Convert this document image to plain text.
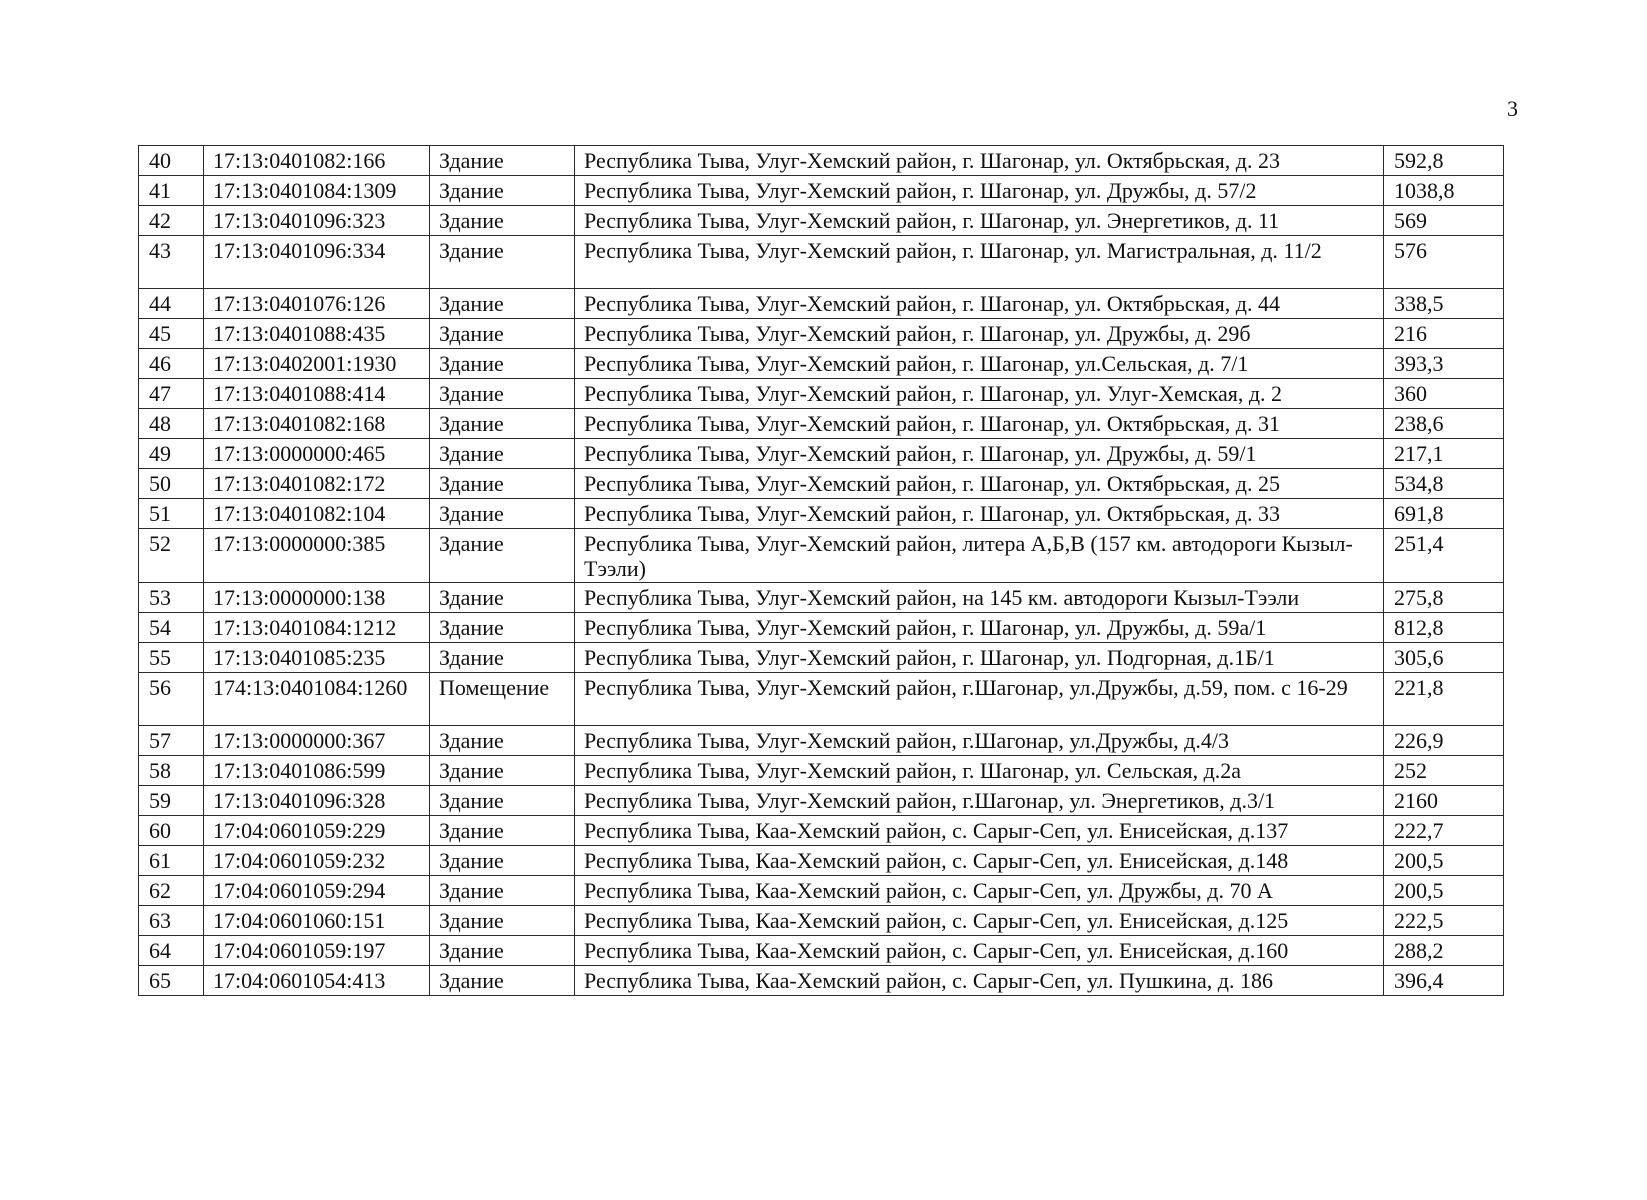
3
40	17:13:0401082:166	Здание	Республика Тыва, Улуг-Хемский район, г. Шагонар, ул. Октябрьская, д. 23	592,8
41	17:13:0401084:1309	Здание	Республика Тыва, Улуг-Хемский район, г. Шагонар, ул. Дружбы, д. 57/2	1038,8
42	17:13:0401096:323	Здание	Республика Тыва, Улуг-Хемский район, г. Шагонар, ул. Энергетиков, д. 11	569
43	17:13:0401096:334	Здание	Республика Тыва, Улуг-Хемский район, г. Шагонар, ул. Магистральная, д. 11/2	576
44	17:13:0401076:126	Здание	Республика Тыва, Улуг-Хемский район, г. Шагонар, ул. Октябрьская, д. 44	338,5
45	17:13:0401088:435	Здание	Республика Тыва, Улуг-Хемский район, г. Шагонар, ул. Дружбы, д. 29б	216
46	17:13:0402001:1930	Здание	Республика Тыва, Улуг-Хемский район, г. Шагонар, ул.Сельская, д. 7/1	393,3
47	17:13:0401088:414	Здание	Республика Тыва, Улуг-Хемский район, г. Шагонар, ул. Улуг-Хемская, д. 2	360
48	17:13:0401082:168	Здание	Республика Тыва, Улуг-Хемский район, г. Шагонар, ул. Октябрьская, д. 31	238,6
49	17:13:0000000:465	Здание	Республика Тыва, Улуг-Хемский район, г. Шагонар, ул. Дружбы, д. 59/1	217,1
50	17:13:0401082:172	Здание	Республика Тыва, Улуг-Хемский район, г. Шагонар, ул. Октябрьская, д. 25	534,8
51	17:13:0401082:104	Здание	Республика Тыва, Улуг-Хемский район, г. Шагонар, ул. Октябрьская, д. 33	691,8
52	17:13:0000000:385	Здание	Республика Тыва, Улуг-Хемский район, литера А,Б,В (157 км. автодороги Кызыл-Тээли)	251,4
53	17:13:0000000:138	Здание	Республика Тыва, Улуг-Хемский район, на 145 км. автодороги Кызыл-Тээли	275,8
54	17:13:0401084:1212	Здание	Республика Тыва, Улуг-Хемский район, г. Шагонар, ул. Дружбы, д. 59а/1	812,8
55	17:13:0401085:235	Здание	Республика Тыва, Улуг-Хемский район, г. Шагонар, ул. Подгорная, д.1Б/1	305,6
56	174:13:0401084:1260	Помещение	Республика Тыва, Улуг-Хемский район, г.Шагонар, ул.Дружбы, д.59, пом. с 16-29	221,8
57	17:13:0000000:367	Здание	Республика Тыва, Улуг-Хемский район, г.Шагонар, ул.Дружбы, д.4/3	226,9
58	17:13:0401086:599	Здание	Республика Тыва, Улуг-Хемский район, г. Шагонар, ул. Сельская, д.2а	252
59	17:13:0401096:328	Здание	Республика Тыва, Улуг-Хемский район, г.Шагонар, ул. Энергетиков, д.3/1	2160
60	17:04:0601059:229	Здание	Республика Тыва, Каа-Хемский район, с. Сарыг-Сеп, ул. Енисейская, д.137	222,7
61	17:04:0601059:232	Здание	Республика Тыва, Каа-Хемский район, с. Сарыг-Сеп, ул. Енисейская, д.148	200,5
62	17:04:0601059:294	Здание	Республика Тыва, Каа-Хемский район, с. Сарыг-Сеп, ул. Дружбы, д. 70 А	200,5
63	17:04:0601060:151	Здание	Республика Тыва, Каа-Хемский район, с. Сарыг-Сеп, ул. Енисейская, д.125	222,5
64	17:04:0601059:197	Здание	Республика Тыва, Каа-Хемский район, с. Сарыг-Сеп, ул. Енисейская, д.160	288,2
65	17:04:0601054:413	Здание	Республика Тыва, Каа-Хемский район, с. Сарыг-Сеп, ул. Пушкина, д. 186	396,4
